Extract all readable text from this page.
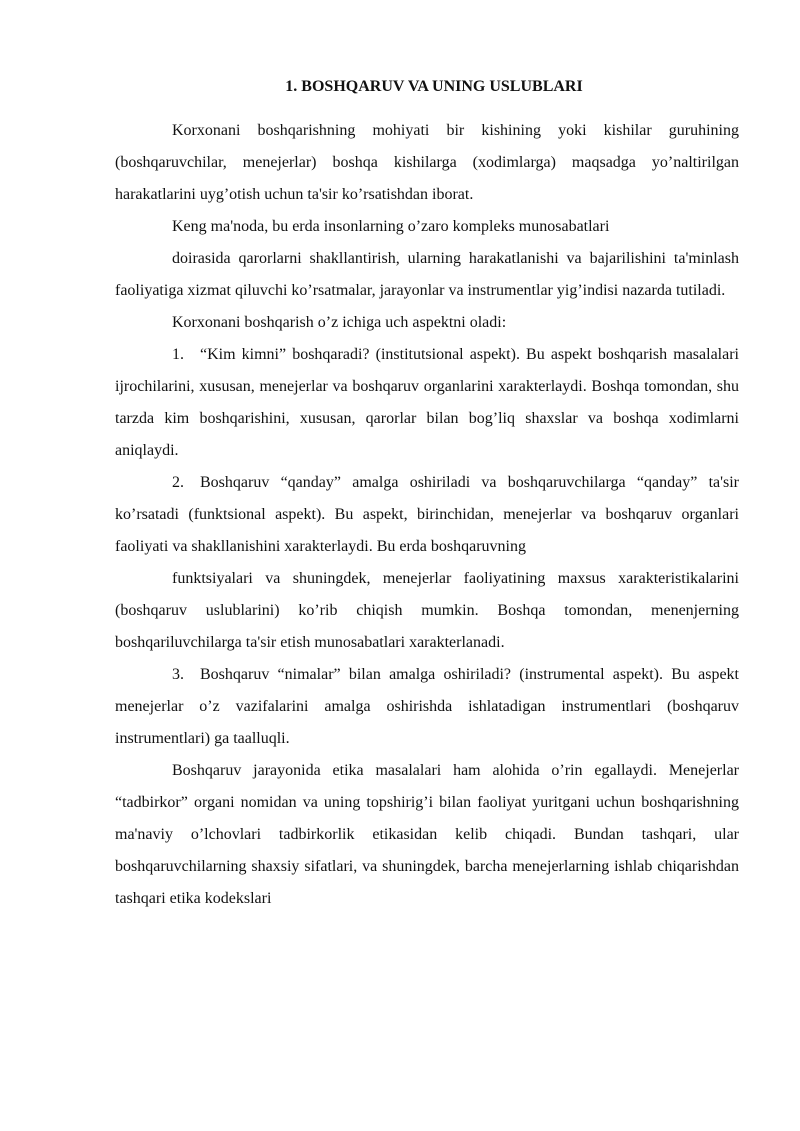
1. BOSHQARUV VA UNING USLUBLARI

Korxonani boshqarishning mohiyati bir kishining yoki kishilar guruhining (boshqaruvchilar, menejerlar) boshqa kishilarga (xodimlarga) maqsadga yo’naltirilgan harakatlarini uyg’otish uchun ta'sir ko’rsatishdan iborat.

Keng ma'noda, bu erda insonlarning o’zaro kompleks munosabatlari

doirasida qarorlarni shakllantirish, ularning harakatlanishi va bajarilishini ta'minlash faoliyatiga xizmat qiluvchi ko’rsatmalar, jarayonlar va instrumentlar yig’indisi nazarda tutiladi.

Korxonani boshqarish o’z ichiga uch aspektni oladi:

1. “Kim kimni” boshqaradi? (institutsional aspekt). Bu aspekt boshqarish masalalari ijrochilarini, xususan, menejerlar va boshqaruv organlarini xarakterlaydi. Boshqa tomondan, shu tarzda kim boshqarishini, xususan, qarorlar bilan bog’liq shaxslar va boshqa xodimlarni aniqlaydi.

2. Boshqaruv “qanday” amalga oshiriladi va boshqaruvchilarga “qanday” ta'sir ko’rsatadi (funktsional aspekt). Bu aspekt, birinchidan, menejerlar va boshqaruv organlari faoliyati va shakllanishini xarakterlaydi. Bu erda boshqaruvning

funktsiyalari va shuningdek, menejerlar faoliyatining maxsus xarakteristikalarini (boshqaruv uslublarini) ko’rib chiqish mumkin. Boshqa tomondan, menenjerning boshqariluvchilarga ta'sir etish munosabatlari xarakterlanadi.

3. Boshqaruv “nimalar” bilan amalga oshiriladi? (instrumental aspekt). Bu aspekt menejerlar o’z vazifalarini amalga oshirishda ishlatadigan instrumentlari (boshqaruv instrumentlari) ga taalluqli.

Boshqaruv jarayonida etika masalalari ham alohida o’rin egallaydi. Menejerlar “tadbirkor” organi nomidan va uning topshirig’i bilan faoliyat yuritgani uchun boshqarishning ma'naviy o’lchovlari tadbirkorlik etikasidan kelib chiqadi. Bundan tashqari, ular boshqaruvchilarning shaxsiy sifatlari, va shuningdek, barcha menejerlarning ishlab chiqarishdan tashqari etika kodekslari
